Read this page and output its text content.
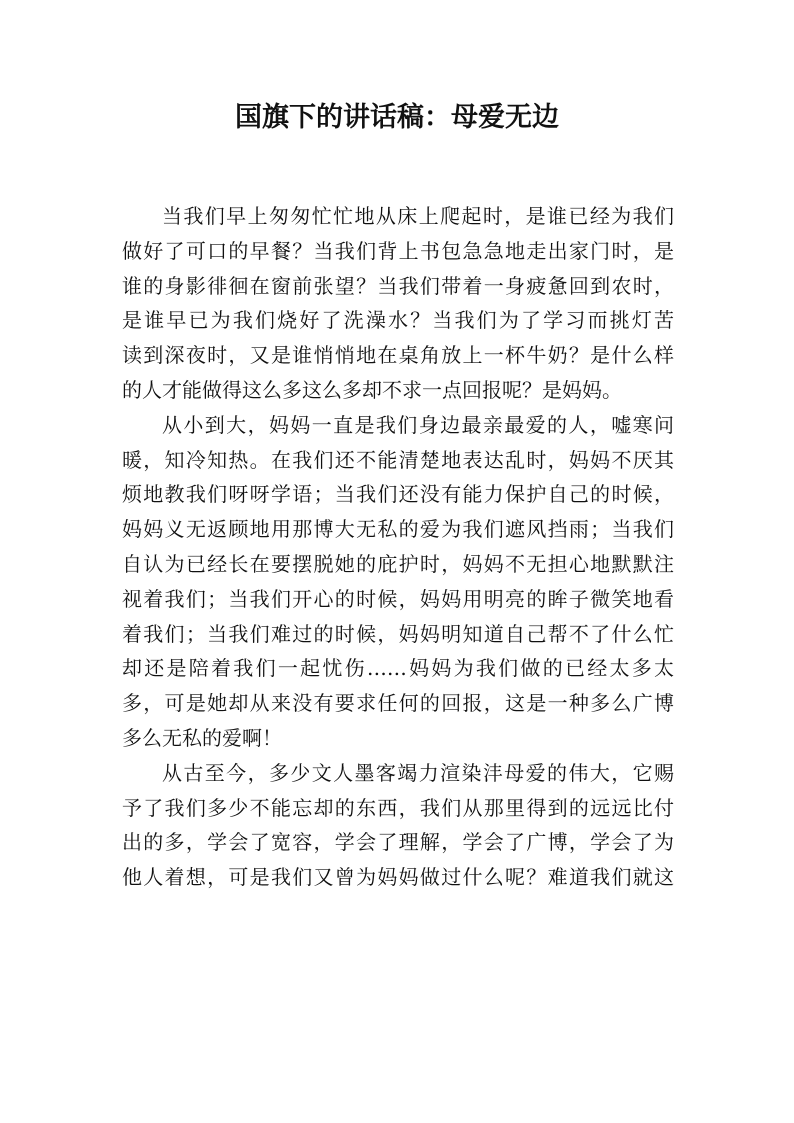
国旗下的讲话稿：母爱无边
当我们早上匆匆忙忙地从床上爬起时，是谁已经为我们
做好了可口的早餐？当我们背上书包急急地走出家门时，是
谁的身影徘徊在窗前张望？当我们带着一身疲惫回到农时，
是谁早已为我们烧好了洗澡水？当我们为了学习而挑灯苦
读到深夜时，又是谁悄悄地在桌角放上一杯牛奶？是什么样
的人才能做得这么多这么多却不求一点回报呢？是妈妈。
从小到大，妈妈一直是我们身边最亲最爱的人，嘘寒问
暖，知冷知热。在我们还不能清楚地表达乱时，妈妈不厌其
烦地教我们呀呀学语；当我们还没有能力保护自己的时候，
妈妈义无返顾地用那博大无私的爱为我们遮风挡雨；当我们
自认为已经长在要摆脱她的庇护时，妈妈不无担心地默默注
视着我们；当我们开心的时候，妈妈用明亮的眸子微笑地看
着我们；当我们难过的时候，妈妈明知道自己帮不了什么忙
却还是陪着我们一起忧伤……妈妈为我们做的已经太多太
多，可是她却从来没有要求任何的回报，这是一种多么广博
多么无私的爱啊！
从古至今，多少文人墨客竭力渲染沣母爱的伟大，它赐
予了我们多少不能忘却的东西，我们从那里得到的远远比付
出的多，学会了宽容，学会了理解，学会了广博，学会了为
他人着想，可是我们又曾为妈妈做过什么呢？难道我们就这
